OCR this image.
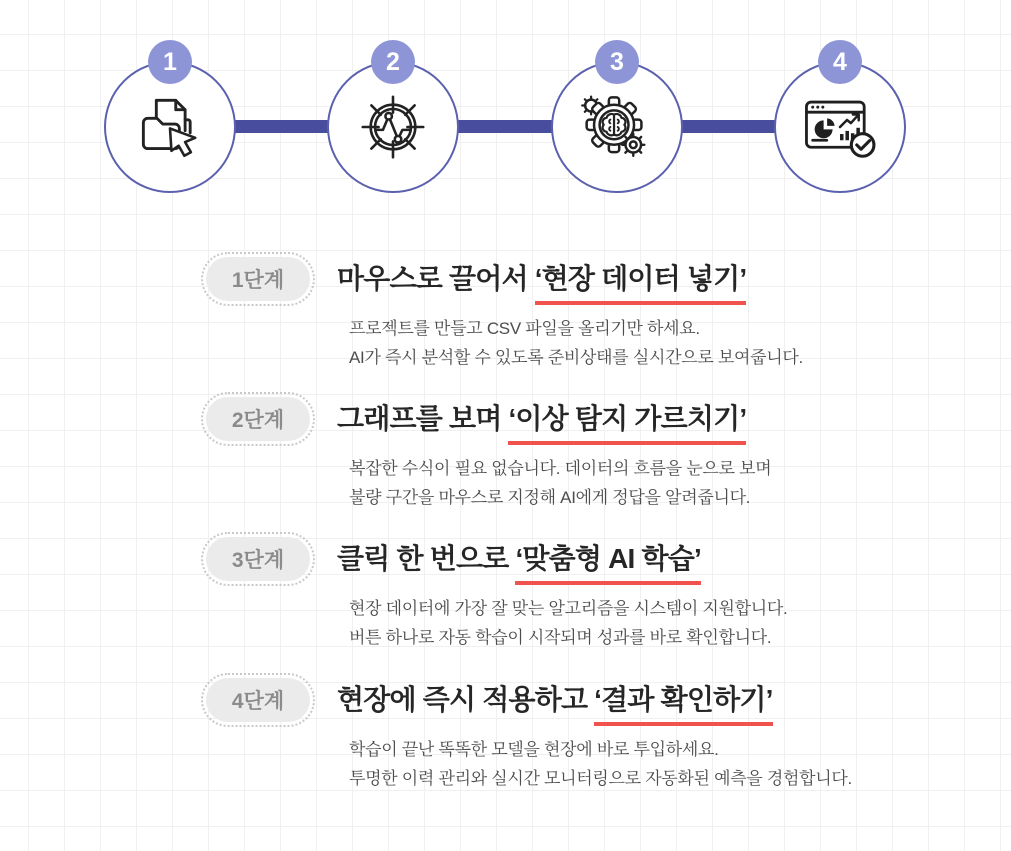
1	2	3	4
1단계	마우스로 끌어서 ‘현장 데이터 넣기’

프로젝트를 만들고 CSV 파일을 올리기만 하세요.
AI가 즉시 분석할 수 있도록 준비상태를 실시간으로 보여줍니다.

2단계	그래프를 보며 ‘이상 탐지 가르치기’

복잡한 수식이 필요 없습니다. 데이터의 흐름을 눈으로 보며
불량 구간을 마우스로 지정해 AI에게 정답을 알려줍니다.

3단계	클릭 한 번으로 ‘맞춤형 AI 학습’

현장 데이터에 가장 잘 맞는 알고리즘을 시스템이 지원합니다.
버튼 하나로 자동 학습이 시작되며 성과를 바로 확인합니다.

4단계	현장에 즉시 적용하고 ‘결과 확인하기’

학습이 끝난 똑똑한 모델을 현장에 바로 투입하세요.
투명한 이력 관리와 실시간 모니터링으로 자동화된 예측을 경험합니다.
